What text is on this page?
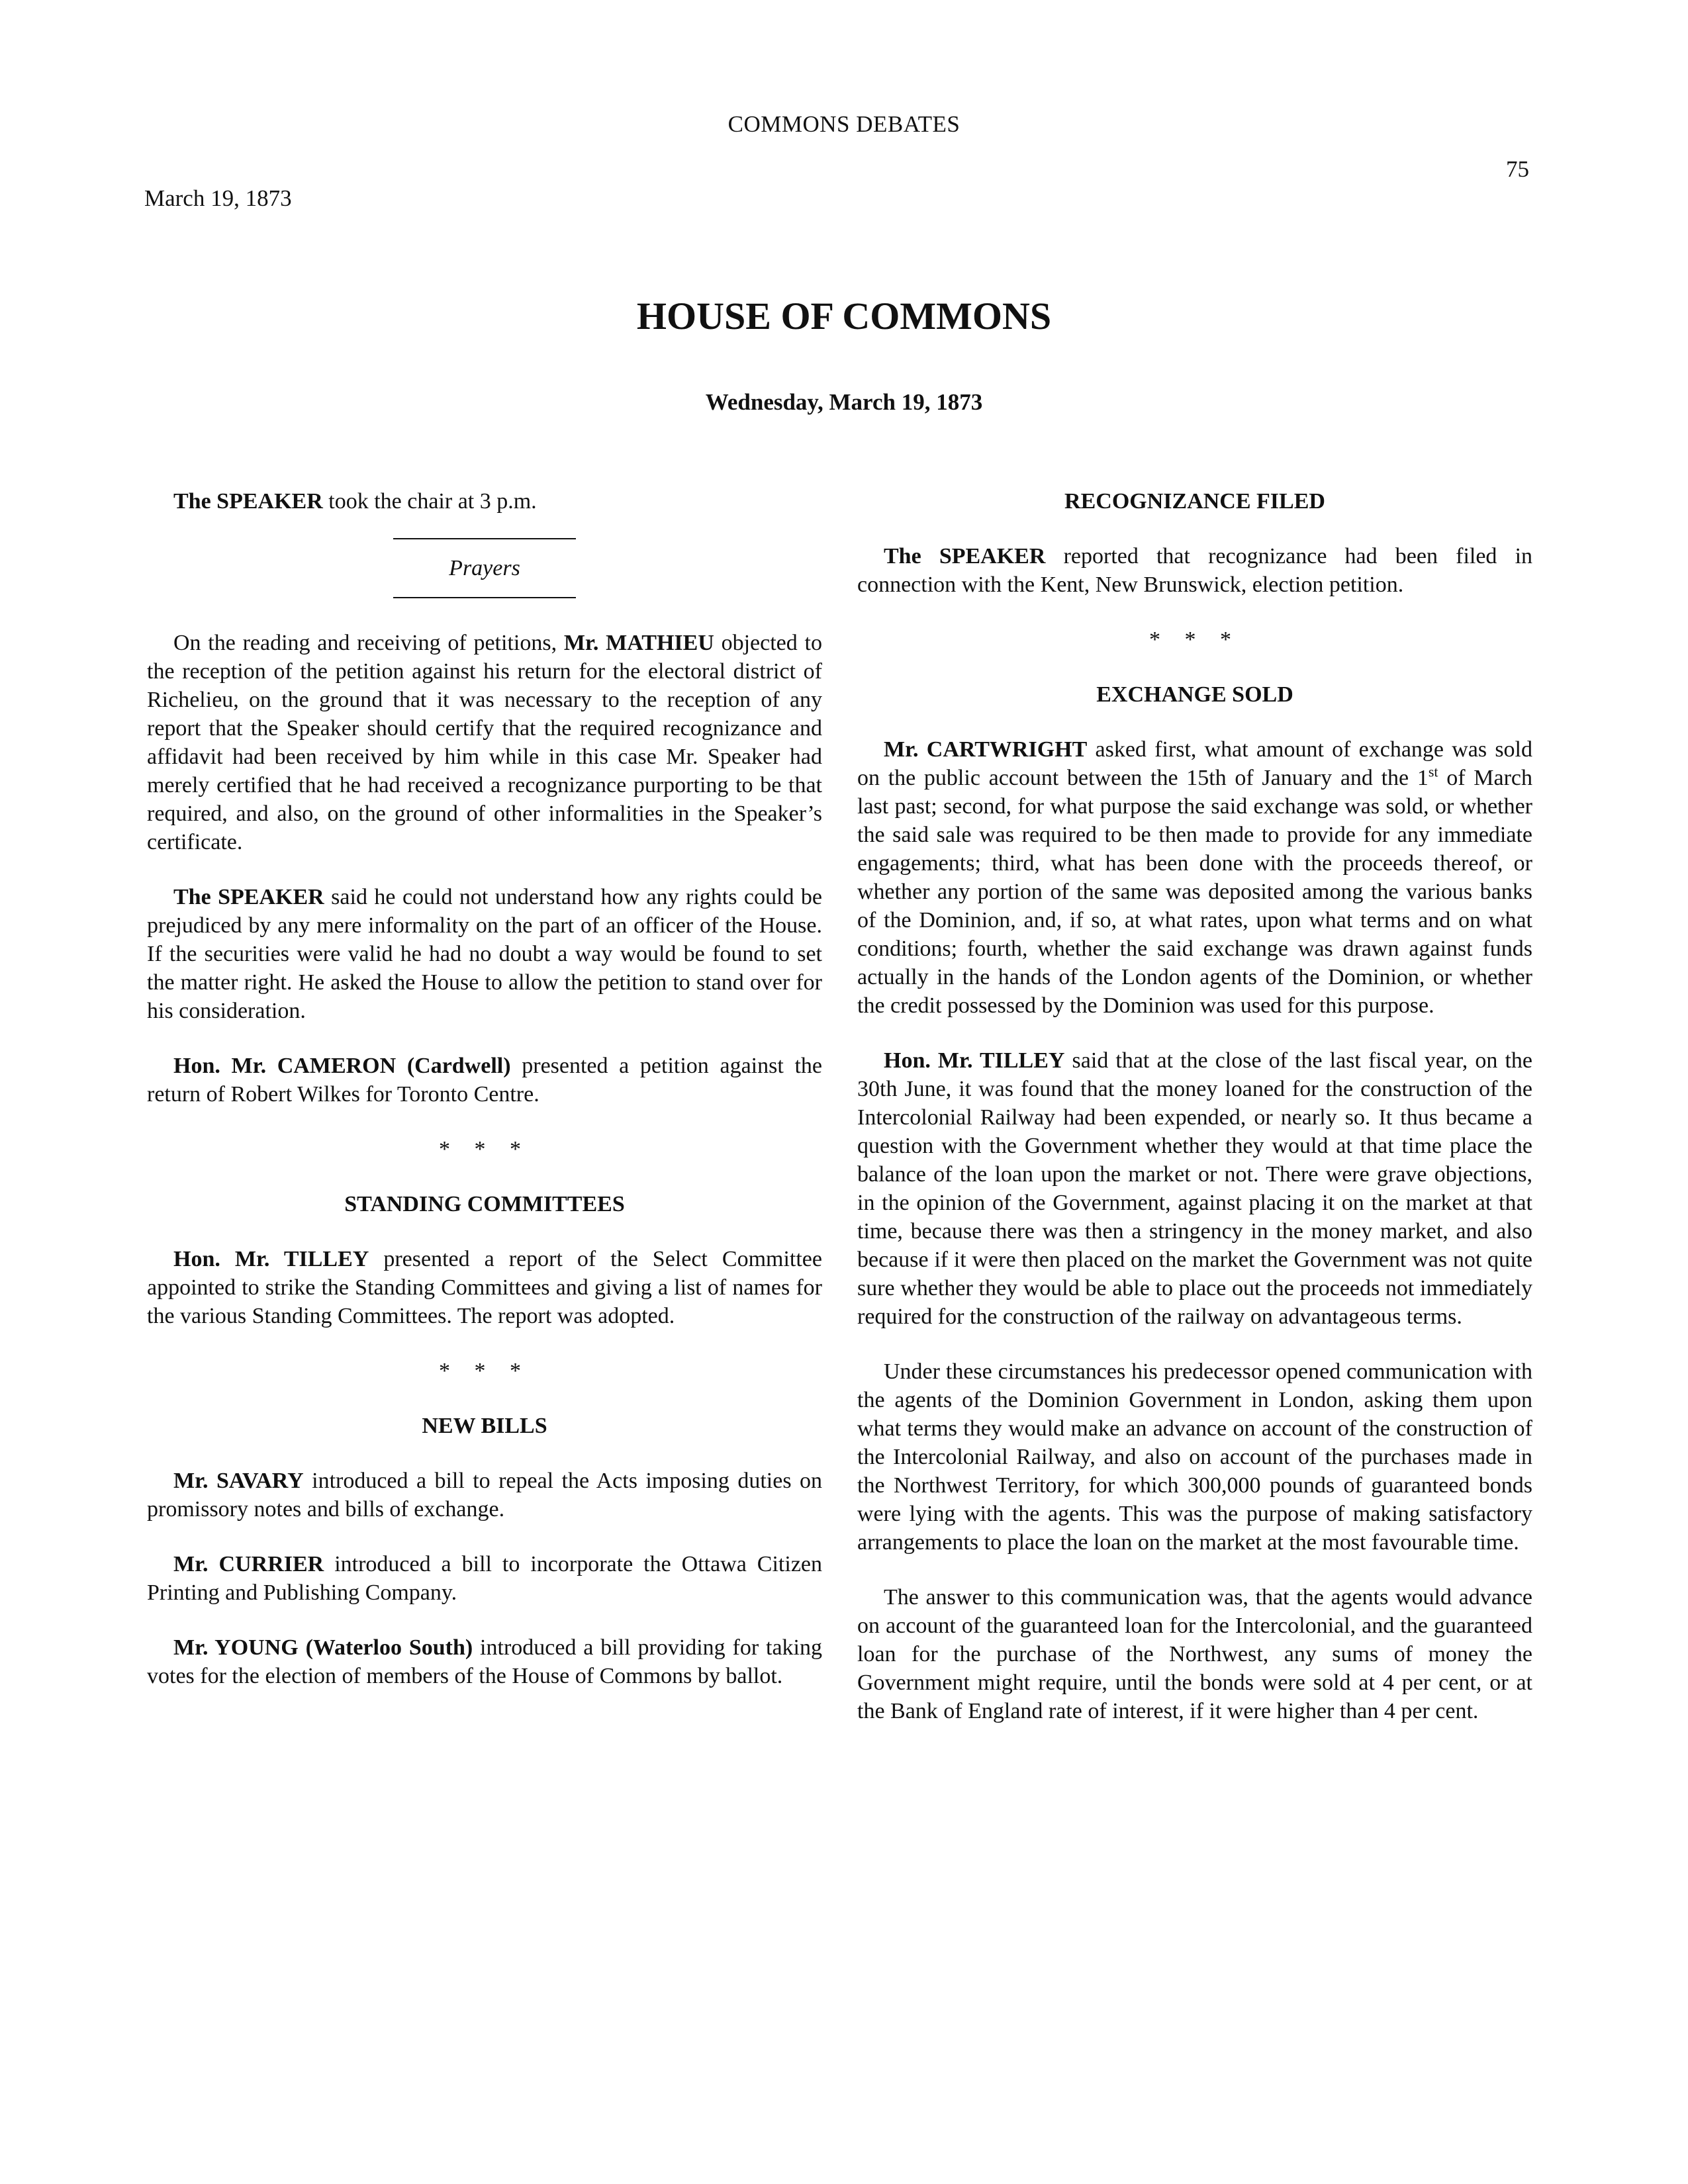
COMMONS DEBATES
75
March 19, 1873
HOUSE OF COMMONS
Wednesday, March 19, 1873

The SPEAKER took the chair at 3 p.m.

Prayers

On the reading and receiving of petitions, Mr. MATHIEU objected to the reception of the petition against his return for the electoral district of Richelieu, on the ground that it was necessary to the reception of any report that the Speaker should certify that the required recognizance and affidavit had been received by him while in this case Mr. Speaker had merely certified that he had received a recognizance purporting to be that required, and also, on the ground of other informalities in the Speaker’s certificate.

The SPEAKER said he could not understand how any rights could be prejudiced by any mere informality on the part of an officer of the House. If the securities were valid he had no doubt a way would be found to set the matter right. He asked the House to allow the petition to stand over for his consideration.

Hon. Mr. CAMERON (Cardwell) presented a petition against the return of Robert Wilkes for Toronto Centre.

* * *
STANDING COMMITTEES

Hon. Mr. TILLEY presented a report of the Select Committee appointed to strike the Standing Committees and giving a list of names for the various Standing Committees. The report was adopted.

* * *
NEW BILLS

Mr. SAVARY introduced a bill to repeal the Acts imposing duties on promissory notes and bills of exchange.

Mr. CURRIER introduced a bill to incorporate the Ottawa Citizen Printing and Publishing Company.

Mr. YOUNG (Waterloo South) introduced a bill providing for taking votes for the election of members of the House of Commons by ballot.

RECOGNIZANCE FILED

The SPEAKER reported that recognizance had been filed in connection with the Kent, New Brunswick, election petition.

* * *
EXCHANGE SOLD

Mr. CARTWRIGHT asked first, what amount of exchange was sold on the public account between the 15th of January and the 1st of March last past; second, for what purpose the said exchange was sold, or whether the said sale was required to be then made to provide for any immediate engagements; third, what has been done with the proceeds thereof, or whether any portion of the same was deposited among the various banks of the Dominion, and, if so, at what rates, upon what terms and on what conditions; fourth, whether the said exchange was drawn against funds actually in the hands of the London agents of the Dominion, or whether the credit possessed by the Dominion was used for this purpose.

Hon. Mr. TILLEY said that at the close of the last fiscal year, on the 30th June, it was found that the money loaned for the construction of the Intercolonial Railway had been expended, or nearly so. It thus became a question with the Government whether they would at that time place the balance of the loan upon the market or not. There were grave objections, in the opinion of the Government, against placing it on the market at that time, because there was then a stringency in the money market, and also because if it were then placed on the market the Government was not quite sure whether they would be able to place out the proceeds not immediately required for the construction of the railway on advantageous terms.

Under these circumstances his predecessor opened communication with the agents of the Dominion Government in London, asking them upon what terms they would make an advance on account of the construction of the Intercolonial Railway, and also on account of the purchases made in the Northwest Territory, for which 300,000 pounds of guaranteed bonds were lying with the agents. This was the purpose of making satisfactory arrangements to place the loan on the market at the most favourable time.

The answer to this communication was, that the agents would advance on account of the guaranteed loan for the Intercolonial, and the guaranteed loan for the purchase of the Northwest, any sums of money the Government might require, until the bonds were sold at 4 per cent, or at the Bank of England rate of interest, if it were higher than 4 per cent.
